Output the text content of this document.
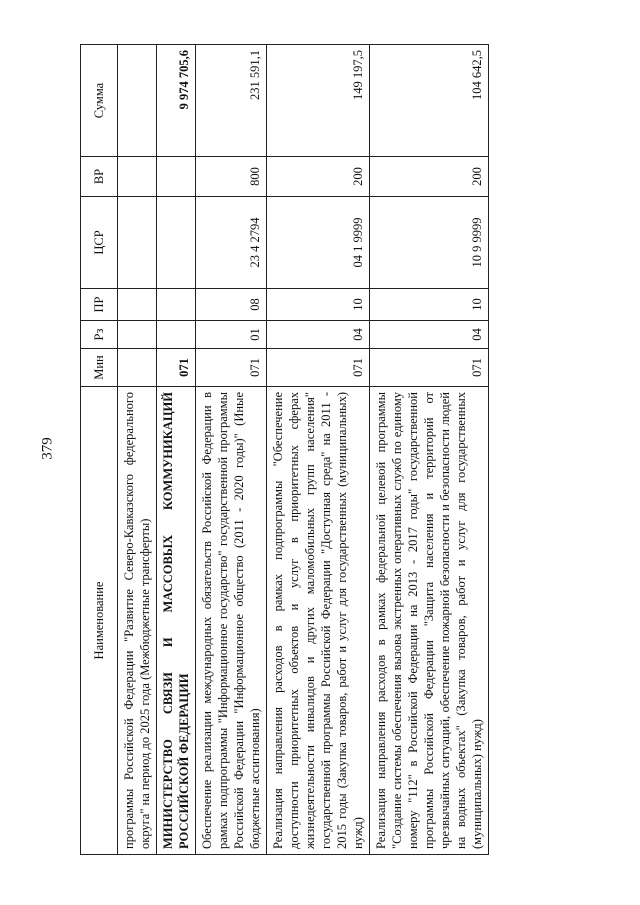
379
Наименование	Мин	Рз	ПР	ЦСР	ВР	Сумма
программы Российской Федерации "Развитие Северо-Кавказского федерального округа" на период до 2025 года (Межбюджетные трансферты)						
МИНИСТЕРСТВО СВЯЗИ И МАССОВЫХ КОММУНИКАЦИЙ РОССИЙСКОЙ ФЕДЕРАЦИИ	071					9 974 705,6
Обеспечение реализации международных обязательств Российской Федерации в рамках подпрограммы "Информационное государство" государственной программы Российской Федерации "Информационное общество (2011 - 2020 годы)" (Иные бюджетные ассигнования)	071	01	08	23 4 2794	800	231 591,1
Реализация направления расходов в рамках подпрограммы "Обеспечение доступности приоритетных объектов и услуг в приоритетных сферах жизнедеятельности инвалидов и других маломобильных групп населения" государственной программы Российской Федерации "Доступная среда" на 2011 - 2015 годы (Закупка товаров, работ и услуг для государственных (муниципальных) нужд)	071	04	10	04 1 9999	200	149 197,5
Реализация направления расходов в рамках федеральной целевой программы "Создание системы обеспечения вызова экстренных оперативных служб по единому номеру "112" в Российской Федерации на 2013 - 2017 годы" государственной программы Российской Федерации "Защита населения и территорий от чрезвычайных ситуаций, обеспечение пожарной безопасности и безопасности людей на водных объектах" (Закупка товаров, работ и услуг для государственных (муниципальных) нужд)	071	04	10	10 9 9999	200	104 642,5
